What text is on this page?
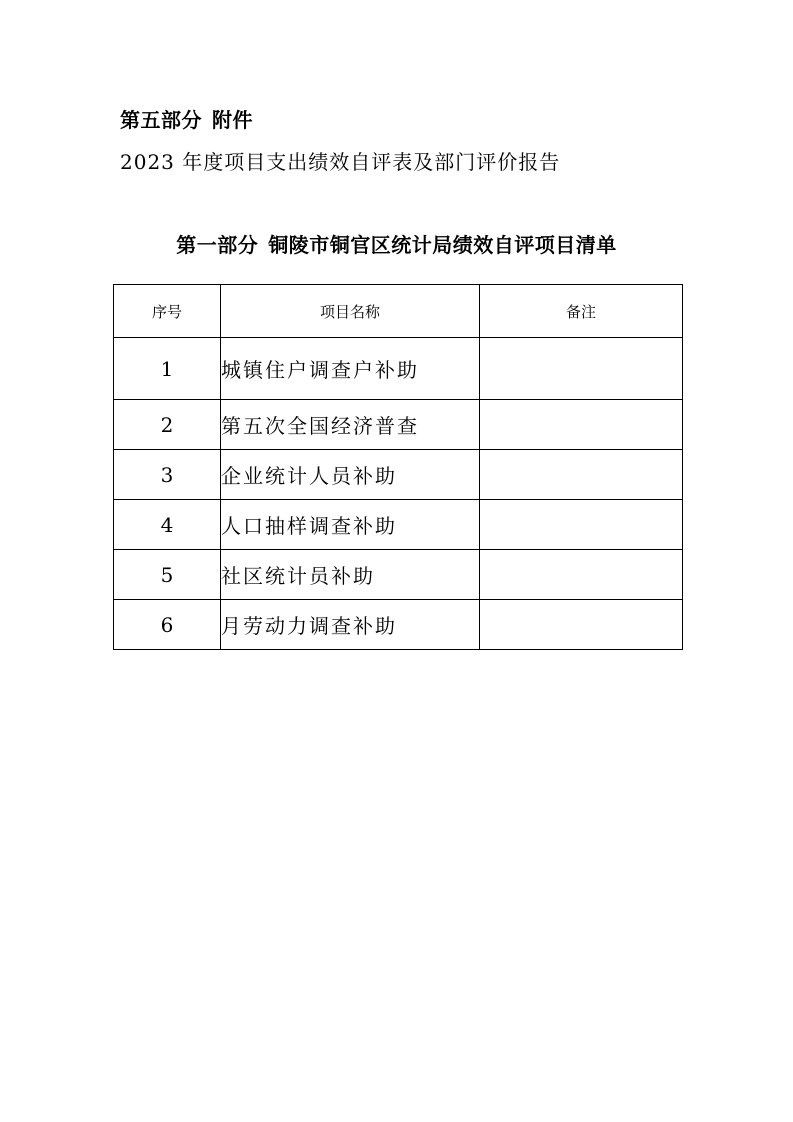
第五部分 附件
2023 年度项目支出绩效自评表及部门评价报告
第一部分 铜陵市铜官区统计局绩效自评项目清单
序号	项目名称	备注
1	城镇住户调查户补助	
2	第五次全国经济普查	
3	企业统计人员补助	
4	人口抽样调查补助	
5	社区统计员补助	
6	月劳动力调查补助	
